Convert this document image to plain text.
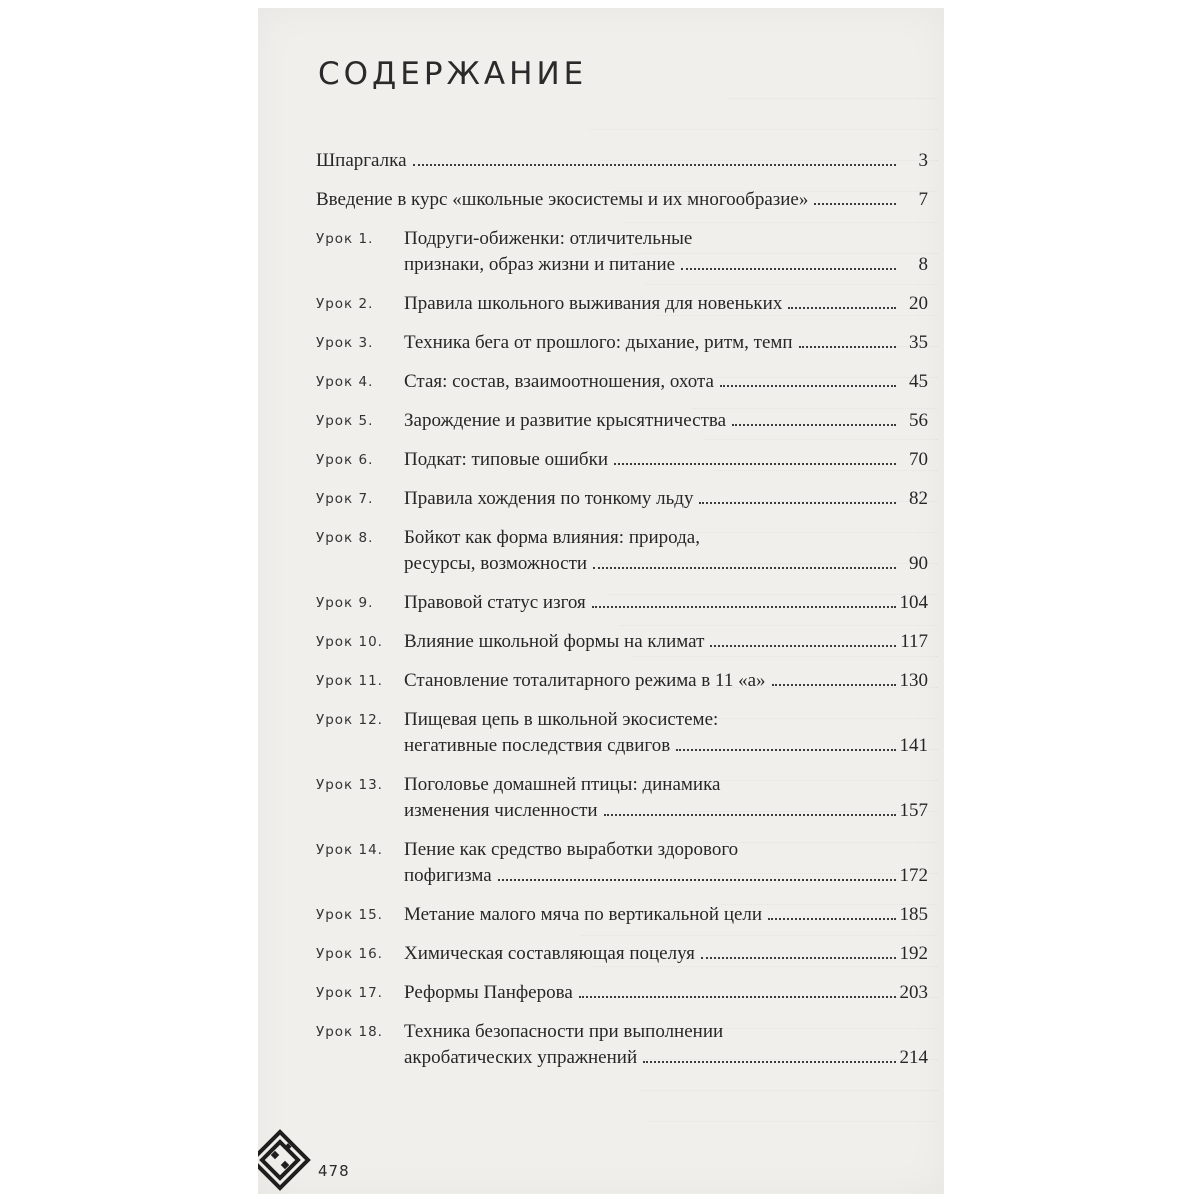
СОДЕРЖАНИЕ
Шпаргалка	3
Введение в курс «школьные экосистемы и их многообразие»	7
Урок 1.	Подруги-обиженки: отличительные
признаки, образ жизни и питание	8
Урок 2.	Правила школьного выживания для новеньких	20
Урок 3.	Техника бега от прошлого: дыхание, ритм, темп	35
Урок 4.	Стая: состав, взаимоотношения, охота	45
Урок 5.	Зарождение и развитие крысятничества	56
Урок 6.	Подкат: типовые ошибки	70
Урок 7.	Правила хождения по тонкому льду	82
Урок 8.	Бойкот как форма влияния: природа,
ресурсы, возможности	90
Урок 9.	Правовой статус изгоя	104
Урок 10.	Влияние школьной формы на климат	117
Урок 11.	Становление тоталитарного режима в 11 «а»	130
Урок 12.	Пищевая цепь в школьной экосистеме:
негативные последствия сдвигов	141
Урок 13.	Поголовье домашней птицы: динамика
изменения численности	157
Урок 14.	Пение как средство выработки здорового
пофигизма	172
Урок 15.	Метание малого мяча по вертикальной цели	185
Урок 16.	Химическая составляющая поцелуя	192
Урок 17.	Реформы Панферова	203
Урок 18.	Техника безопасности при выполнении
акробатических упражнений	214
478
